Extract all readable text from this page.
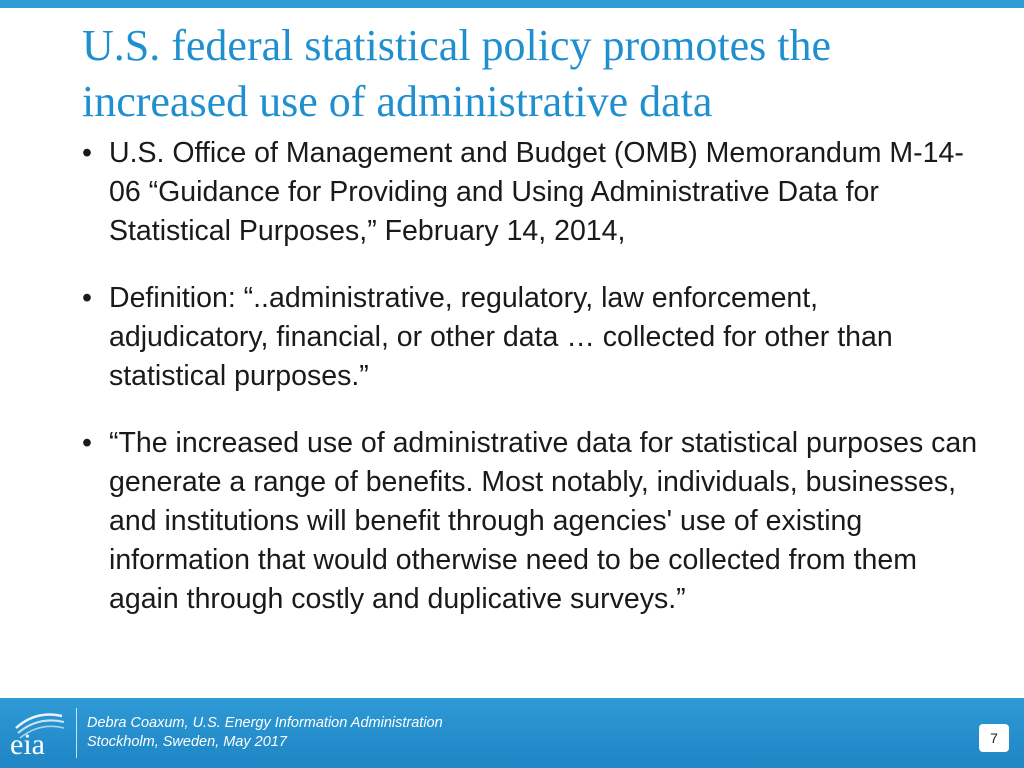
U.S. federal statistical policy promotes the
increased use of administrative data
• U.S. Office of Management and Budget (OMB) Memorandum M-14-06 “Guidance for Providing and Using Administrative Data for Statistical Purposes,” February 14, 2014,
• Definition: “..administrative, regulatory, law enforcement, adjudicatory, financial, or other data … collected for other than statistical purposes.”
• “The increased use of administrative data for statistical purposes can generate a range of benefits. Most notably, individuals, businesses, and institutions will benefit through agencies' use of existing information that would otherwise need to be collected from them again through costly and duplicative surveys.”
eia
Debra Coaxum, U.S. Energy Information Administration
Stockholm, Sweden, May 2017	7
